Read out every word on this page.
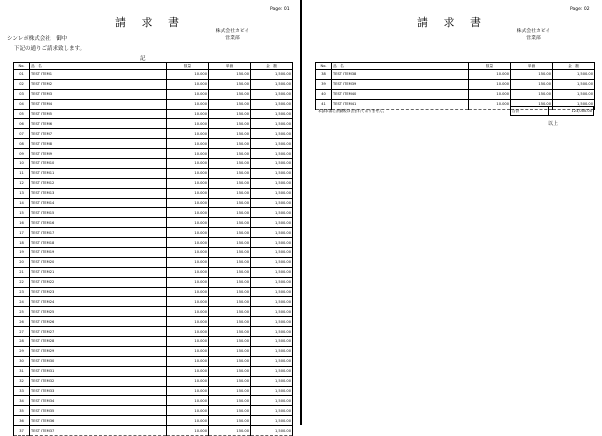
Page: 01
請 求 書
株式会社カビイ
営業部
シンレポ株式会社　御中
下記の通りご請求致します。
記
No.	品　名	数量	単価	金　額
01	TEST ITEM1	10.000	150.00	1,500.00
02	TEST ITEM2	10.000	150.00	1,500.00
03	TEST ITEM3	10.000	150.00	1,500.00
04	TEST ITEM4	10.000	150.00	1,500.00
05	TEST ITEM5	10.000	150.00	1,500.00
06	TEST ITEM6	10.000	150.00	1,500.00
07	TEST ITEM7	10.000	150.00	1,500.00
08	TEST ITEM8	10.000	150.00	1,500.00
09	TEST ITEM9	10.000	150.00	1,500.00
10	TEST ITEM10	10.000	150.00	1,500.00
11	TEST ITEM11	10.000	150.00	1,500.00
12	TEST ITEM12	10.000	150.00	1,500.00
13	TEST ITEM13	10.000	150.00	1,500.00
14	TEST ITEM14	10.000	150.00	1,500.00
15	TEST ITEM15	10.000	150.00	1,500.00
16	TEST ITEM16	10.000	150.00	1,500.00
17	TEST ITEM17	10.000	150.00	1,500.00
18	TEST ITEM18	10.000	150.00	1,500.00
19	TEST ITEM19	10.000	150.00	1,500.00
20	TEST ITEM20	10.000	150.00	1,500.00
21	TEST ITEM21	10.000	150.00	1,500.00
22	TEST ITEM22	10.000	150.00	1,500.00
23	TEST ITEM23	10.000	150.00	1,500.00
24	TEST ITEM24	10.000	150.00	1,500.00
25	TEST ITEM25	10.000	150.00	1,500.00
26	TEST ITEM26	10.000	150.00	1,500.00
27	TEST ITEM27	10.000	150.00	1,500.00
28	TEST ITEM28	10.000	150.00	1,500.00
29	TEST ITEM29	10.000	150.00	1,500.00
30	TEST ITEM30	10.000	150.00	1,500.00
31	TEST ITEM31	10.000	150.00	1,500.00
32	TEST ITEM32	10.000	150.00	1,500.00
33	TEST ITEM33	10.000	150.00	1,500.00
34	TEST ITEM34	10.000	150.00	1,500.00
35	TEST ITEM35	10.000	150.00	1,500.00
36	TEST ITEM36	10.000	150.00	1,500.00
37	TEST ITEM37	10.000	150.00	1,500.00
Page: 02
請 求 書
株式会社カビイ
営業部
No.	品　名	数量	単価	金　額
38	TEST ITEM38	10.000	150.00	1,500.00
39	TEST ITEM39	10.000	150.00	1,500.00
40	TEST ITEM40	10.000	150.00	1,500.00
41	TEST ITEM41	10.000	150.00	1,500.00
本請求書に消費税は含まれておりません。	合計	123,000.00
以上
